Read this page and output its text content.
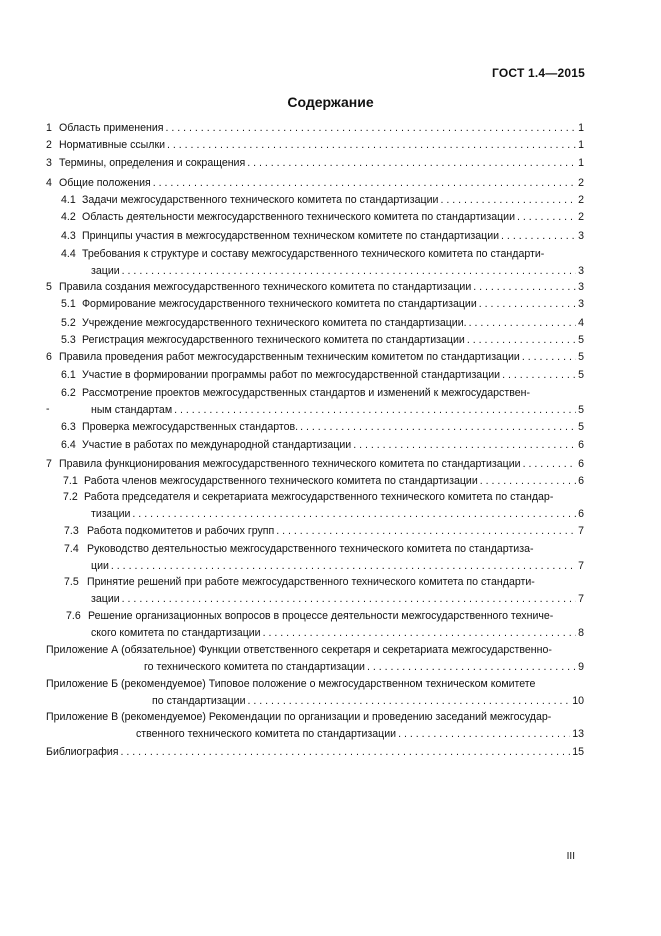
ГОСТ 1.4—2015
Содержание
1 Область применения . . .	1
2 Нормативные ссылки . . .	1
3 Термины, определения и сокращения . . .	1
4 Общие положения . . .	2
4.1 Задачи межгосударственного технического комитета по стандартизации . . .	2
4.2 Область деятельности межгосударственного технического комитета по стандартизации . . .	2
4.3 Принципы участия в межгосударственном техническом комитете по стандартизации . . .	3
4.4 Требования к структуре и составу межгосударственного технического комитета по стандарти-
зации . . .	3
5 Правила создания межгосударственного технического комитета по стандартизации . . .	3
5.1 Формирование межгосударственного технического комитета по стандартизации . . .	3
5.2 Учреждение межгосударственного технического комитета по стандартизации. . . .	4
5.3 Регистрация межгосударственного технического комитета по стандартизации . . .	5
6 Правила проведения работ межгосударственным техническим комитетом по стандартизации . . .	5
6.1 Участие в формировании программы работ по межгосударственной стандартизации . . .	5
-
6.2 Рассмотрение проектов межгосударственных стандартов и изменений к межгосударствен-
ным стандартам . . .	5
6.3 Проверка межгосударственных стандартов. . . .	5
6.4 Участие в работах по международной стандартизации . . .	6
7 Правила функционирования межгосударственного технического комитета по стандартизации . . .	6
7.1 Работа членов межгосударственного технического комитета по стандартизации . . .	6
7.2 Работа председателя и секретариата межгосударственного технического комитета по стандар-
тизации . . .	6
7.3 Работа подкомитетов и рабочих групп . . .	7
7.4 Руководство деятельностью межгосударственного технического комитета по стандартиза-
ции . . .	7
7.5 Принятие решений при работе межгосударственного технического комитета по стандарти-
зации . . .	7
7.6 Решение организационных вопросов в процессе деятельности межгосударственного техниче-
ского комитета по стандартизации . . .	8
Приложение А (обязательное) Функции ответственного секретаря и секретариата межгосударственно-
го технического комитета по стандартизации . . .	9
Приложение Б (рекомендуемое) Типовое положение о межгосударственном техническом комитете
по стандартизации . . .	10
Приложение В (рекомендуемое) Рекомендации по организации и проведению заседаний межгосудар-
ственного технического комитета по стандартизации . . .	13
Библиография . . .	15
III
